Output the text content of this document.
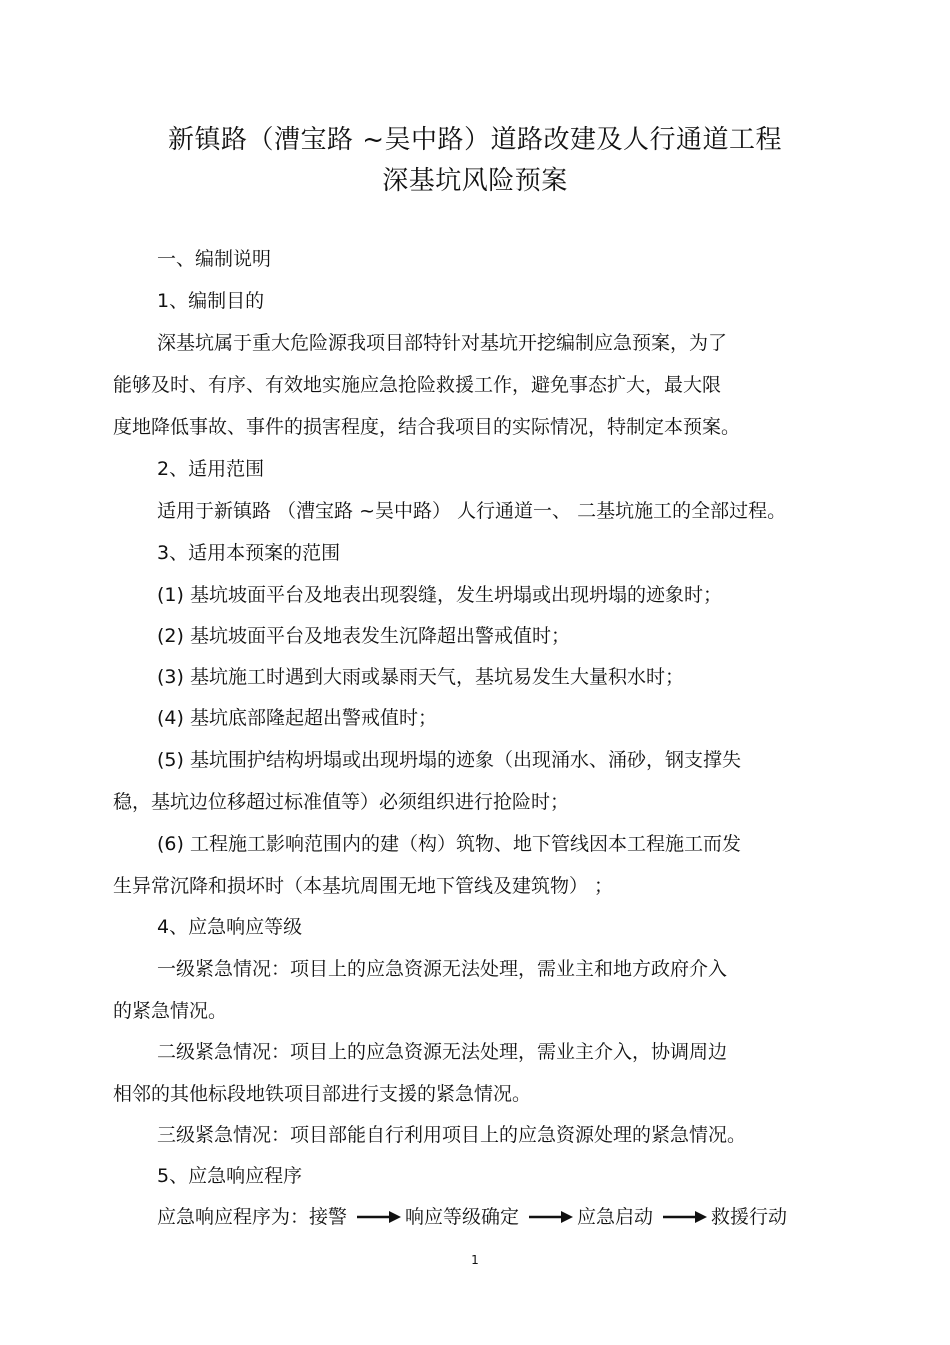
新镇路（漕宝路 ~吴中路）道路改建及人行通道工程
深基坑风险预案
一、编制说明
1、编制目的
深基坑属于重大危险源我项目部特针对基坑开挖编制应急预案，为了
能够及时、有序、有效地实施应急抢险救援工作，避免事态扩大，最大限
度地降低事故、事件的损害程度，结合我项目的实际情况，特制定本预案。
2、适用范围
适用于新镇路 （漕宝路 ~吴中路） 人行通道一、 二基坑施工的全部过程。
3、适用本预案的范围
(1) 基坑坡面平台及地表出现裂缝，发生坍塌或出现坍塌的迹象时；
(2) 基坑坡面平台及地表发生沉降超出警戒值时；
(3) 基坑施工时遇到大雨或暴雨天气，基坑易发生大量积水时；
(4) 基坑底部隆起超出警戒值时；
(5) 基坑围护结构坍塌或出现坍塌的迹象（出现涌水、涌砂，钢支撑失
稳，基坑边位移超过标准值等）必须组织进行抢险时；
(6) 工程施工影响范围内的建（构）筑物、地下管线因本工程施工而发
生异常沉降和损坏时（本基坑周围无地下管线及建筑物） ；
4、应急响应等级
一级紧急情况：项目上的应急资源无法处理，需业主和地方政府介入
的紧急情况。
二级紧急情况：项目上的应急资源无法处理，需业主介入，协调周边
相邻的其他标段地铁项目部进行支援的紧急情况。
三级紧急情况：项目部能自行利用项目上的应急资源处理的紧急情况。
5、应急响应程序
应急响应程序为：接警	响应等级确定	应急启动	救援行动
1
